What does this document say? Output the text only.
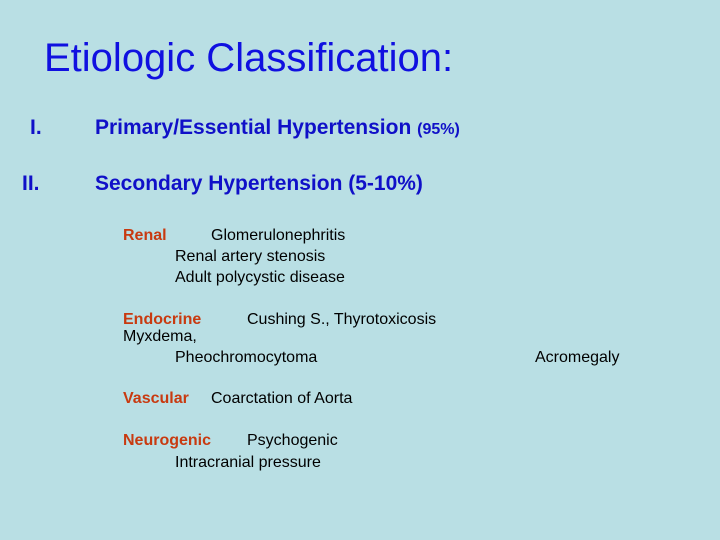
Etiologic Classification:
I.	Primary/Essential Hypertension (95%)
II.	Secondary Hypertension (5-10%)
Renal	Glomerulonephritis
Renal artery stenosis
Adult polycystic disease
Endocrine	Cushing S., Thyrotoxicosis
Myxdema,
Pheochromocytoma	Acromegaly
Vascular Coarctation of Aorta
Neurogenic Psychogenic
Intracranial pressure
